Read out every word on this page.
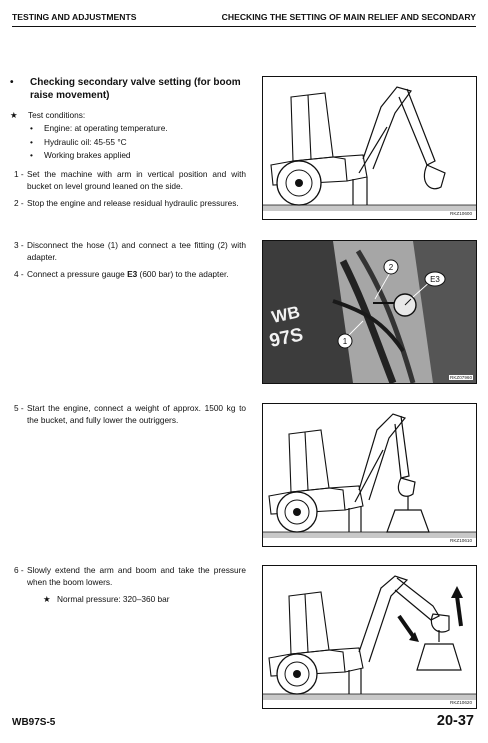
TESTING AND ADJUSTMENTS	CHECKING THE SETTING OF MAIN RELIEF AND SECONDARY
• Checking secondary valve setting (for boom raise movement)
★ Test conditions:
• Engine: at operating temperature.
• Hydraulic oil: 45-55 °C
• Working brakes applied
1 - Set the machine with arm in vertical position and with bucket on level ground leaned on the side.
2 - Stop the engine and release residual hydraulic pressures.
3 - Disconnect the hose (1) and connect a tee fitting (2) with adapter.
4 - Connect a pressure gauge E3 (600 bar) to the adapter.
5 - Start the engine, connect a weight of approx. 1500 kg to the bucket, and fully lower the outriggers.
6 - Slowly extend the arm and boom and take the pressure when the boom lowers.
★ Normal pressure: 320–360 bar
RKZ10600
2
E3
1
WB
97S
RKZ07960
RKZ10610
RKZ10620
WB97S-5	20-37
